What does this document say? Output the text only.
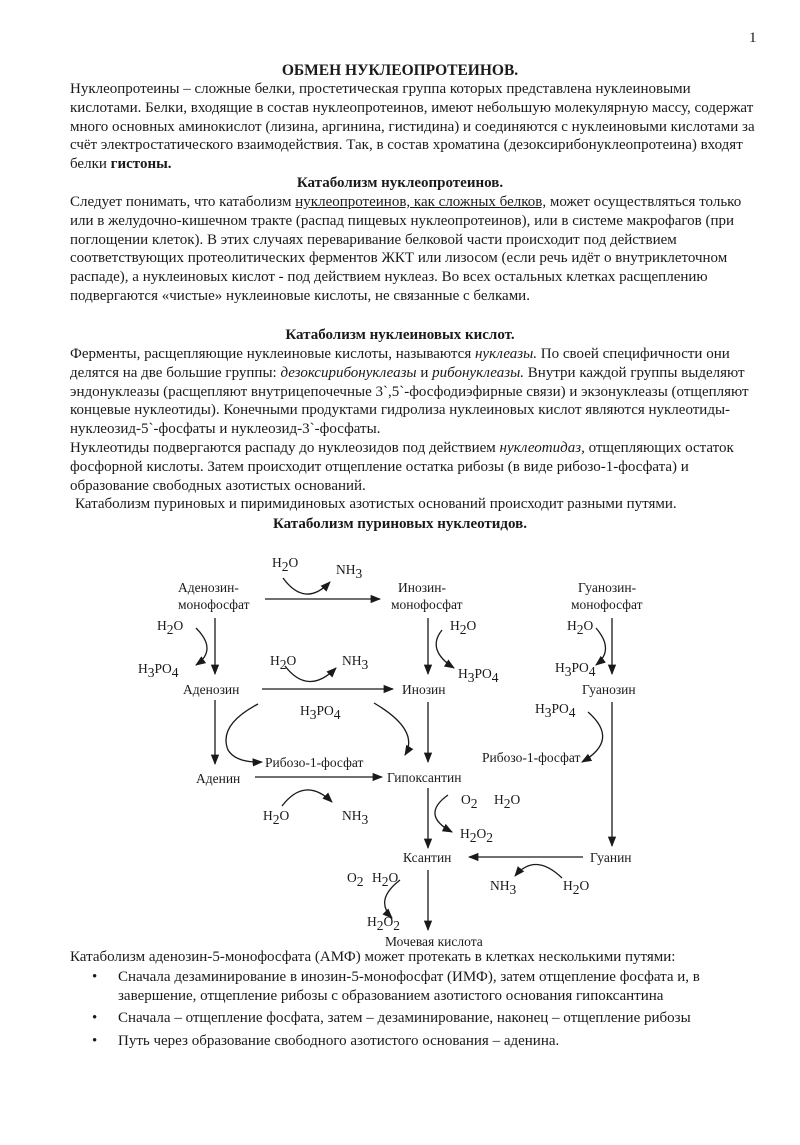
1
ОБМЕН НУКЛЕОПРОТЕИНОВ.

Нуклеопротеины – сложные белки, простетическая группа которых представлена нуклеиновыми кислотами. Белки, входящие в состав нуклеопротеинов, имеют небольшую молекулярную массу, содержат много основных аминокислот (лизина, аргинина, гистидина) и соединяются с нуклеиновыми кислотами за счёт электростатического взаимодействия. Так, в состав хроматина (дезоксирибонуклеопротеина) входят белки гистоны.

Катаболизм нуклеопротеинов.

Следует понимать, что катаболизм нуклеопротеинов, как сложных белков, может осуществляться только или в желудочно-кишечном тракте (распад пищевых нуклеопротеинов), или в системе макрофагов (при поглощении клеток). В этих случаях переваривание белковой части происходит под действием соответствующих протеолитических ферментов ЖКТ или лизосом (если речь идёт о внутриклеточном распаде), а нуклеиновых кислот - под действием нуклеаз. Во всех остальных клетках расщеплению подвергаются «чистые» нуклеиновые кислоты, не связанные с белками.

Катаболизм нуклеиновых кислот.

Ферменты, расщепляющие нуклеиновые кислоты, называются нуклеазы. По своей специфичности они делятся на две большие группы: дезоксирибонуклеазы и рибонуклеазы. Внутри каждой группы выделяют эндонуклеазы (расщепляют внутрицепочечные 3`,5`-фосфодиэфирные связи) и экзонуклеазы (отщепляют концевые нуклеотиды). Конечными продуктами гидролиза нуклеиновых кислот являются нуклеотиды- нуклеозид-5`-фосфаты и нуклеозид-3`-фосфаты.

Нуклеотиды подвергаются распаду до нуклеозидов под действием нуклеотидаз, отщепляющих остаток фосфорной кислоты. Затем происходит отщепление остатка рибозы (в виде рибозо-1-фосфата) и образование свободных азотистых оснований.

Катаболизм пуриновых и пиримидиновых азотистых оснований происходит разными путями.

Катаболизм пуриновых нуклеотидов.
Аденозин-
монофосфат
Инозин-
монофосфат
Гуанозин-
монофосфат
Аденозин	Инозин	Гуанозин
Рибозо-1-фосфат	Рибозо-1-фосфат
Аденин	Гипоксантин
Ксантин	Гуанин
Мочевая кислота
H2O	NH3
H2O
H3PO4
H2O
H3PO4
H2O
H3PO4
H2O	NH3
H3PO4	H3PO4
H2O	NH3
O2 H2O
H2O2
NH3	H2O
O2 H2O
H2O2

Катаболизм аденозин-5-монофосфата (АМФ) может протекать в клетках несколькими путями:

• Сначала дезаминирование в инозин-5-монофосфат (ИМФ), затем отщепление фосфата и, в завершение, отщепление рибозы с образованием азотистого основания гипоксантина
• Сначала – отщепление фосфата, затем – дезаминирование, наконец – отщепление рибозы
• Путь через образование свободного азотистого основания – аденина.
